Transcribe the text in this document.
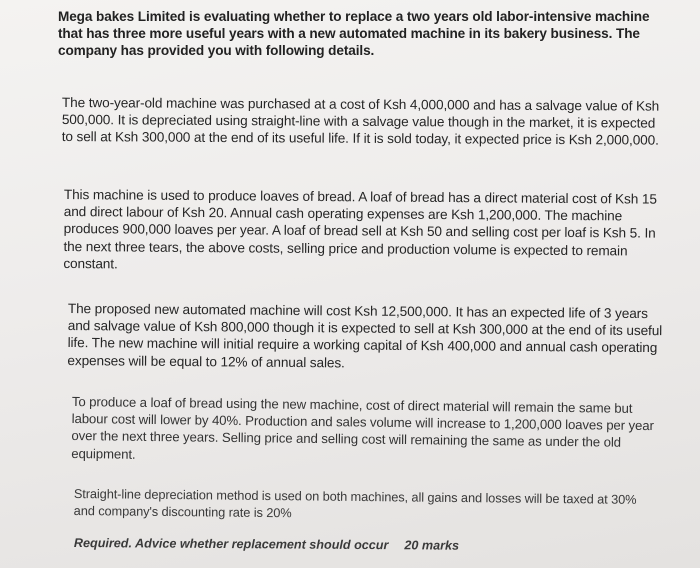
Mega bakes Limited is evaluating whether to replace a two years old labor-intensive machine that has three more useful years with a new automated machine in its bakery business. The company has provided you with following details.

The two-year-old machine was purchased at a cost of Ksh 4,000,000 and has a salvage value of Ksh 500,000. It is depreciated using straight-line with a salvage value though in the market, it is expected to sell at Ksh 300,000 at the end of its useful life. If it is sold today, it expected price is Ksh 2,000,000.

This machine is used to produce loaves of bread. A loaf of bread has a direct material cost of Ksh 15 and direct labour of Ksh 20. Annual cash operating expenses are Ksh 1,200,000. The machine produces 900,000 loaves per year. A loaf of bread sell at Ksh 50 and selling cost per loaf is Ksh 5. In the next three tears, the above costs, selling price and production volume is expected to remain constant.

The proposed new automated machine will cost Ksh 12,500,000. It has an expected life of 3 years and salvage value of Ksh 800,000 though it is expected to sell at Ksh 300,000 at the end of its useful life. The new machine will initial require a working capital of Ksh 400,000 and annual cash operating expenses will be equal to 12% of annual sales.

To produce a loaf of bread using the new machine, cost of direct material will remain the same but labour cost will lower by 40%. Production and sales volume will increase to 1,200,000 loaves per year over the next three years. Selling price and selling cost will remaining the same as under the old equipment.

Straight-line depreciation method is used on both machines, all gains and losses will be taxed at 30% and company's discounting rate is 20%

Required. Advice whether replacement should occur 20 marks
